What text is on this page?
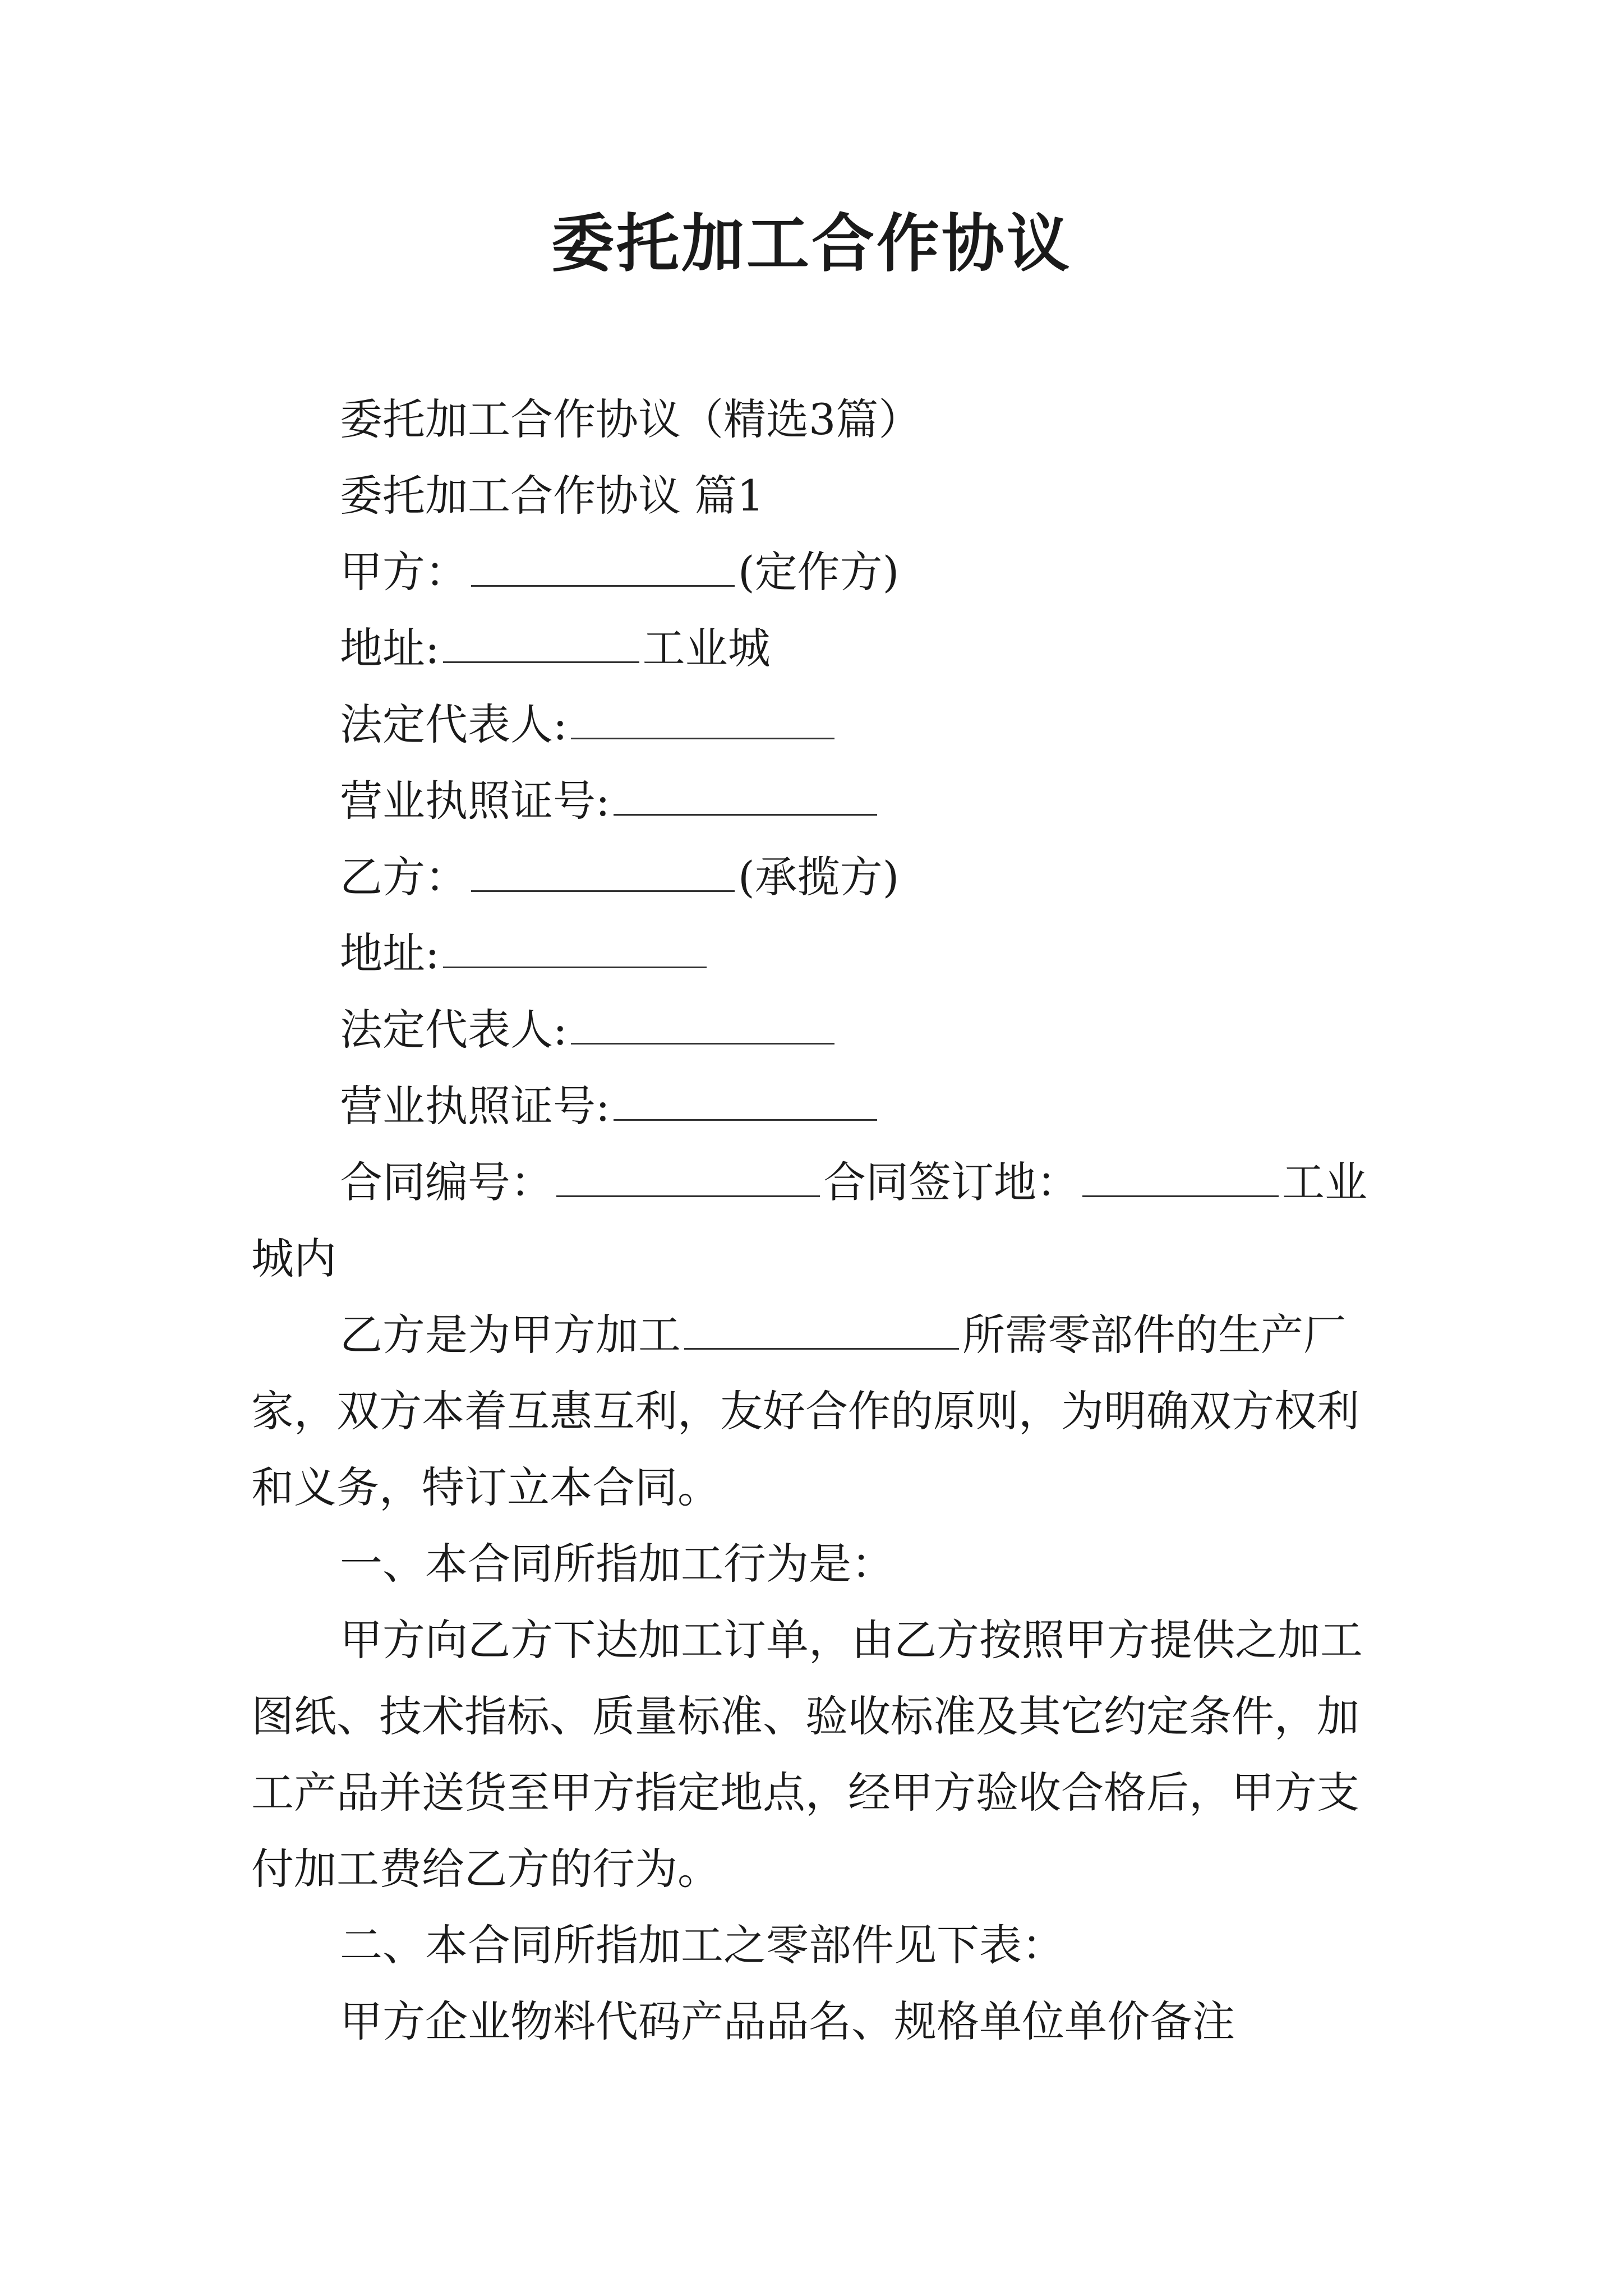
委托加工合作协议
委托加工合作协议（精选3篇）
委托加工合作协议 篇1
甲方：	(定作方)
地址:	工业城
法定代表人:
营业执照证号:
乙方：	(承揽方)
地址:
法定代表人:
营业执照证号:
合同编号：	合同签订地：	工业
城内
乙方是为甲方加工	所需零部件的生产厂
家，双方本着互惠互利，友好合作的原则，为明确双方权利
和义务，特订立本合同。
一、本合同所指加工行为是：
甲方向乙方下达加工订单，由乙方按照甲方提供之加工
图纸、技术指标、质量标准、验收标准及其它约定条件，加
工产品并送货至甲方指定地点，经甲方验收合格后，甲方支
付加工费给乙方的行为。
二、本合同所指加工之零部件见下表：
甲方企业物料代码产品品名、规格单位单价备注
